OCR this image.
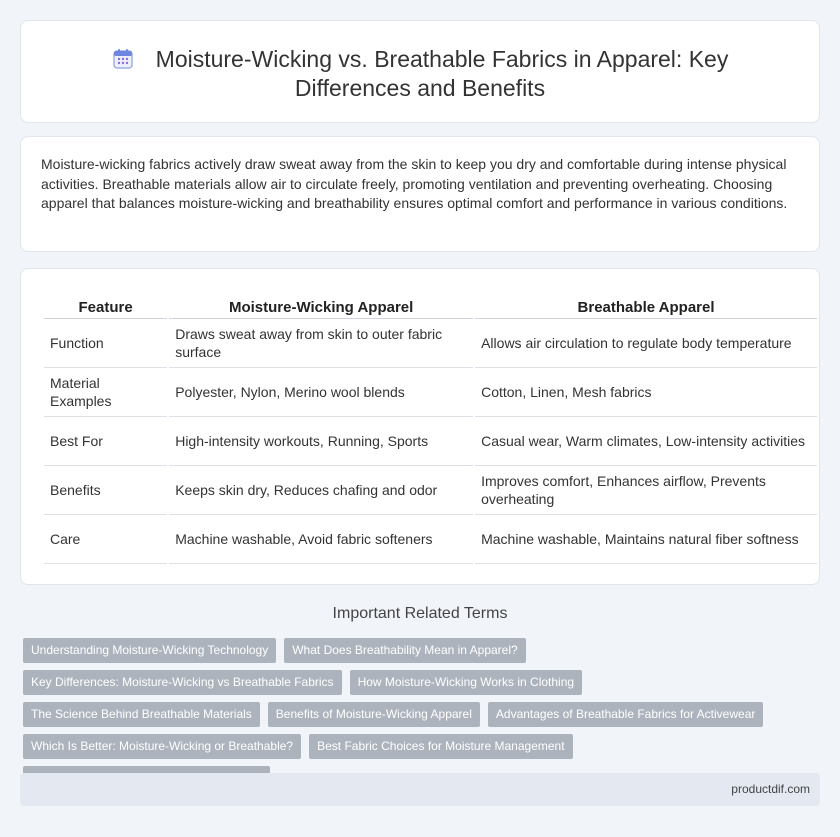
Moisture-Wicking vs. Breathable Fabrics in Apparel: Key
Differences and Benefits

Moisture-wicking fabrics actively draw sweat away from the skin to keep you dry and comfortable during intense physical activities. Breathable materials allow air to circulate freely, promoting ventilation and preventing overheating. Choosing apparel that balances moisture-wicking and breathability ensures optimal comfort and performance in various conditions.

Feature	Moisture-Wicking Apparel	Breathable Apparel
Function	Draws sweat away from skin to outer fabric surface	Allows air circulation to regulate body temperature
Material Examples	Polyester, Nylon, Merino wool blends	Cotton, Linen, Mesh fabrics
Best For	High-intensity workouts, Running, Sports	Casual wear, Warm climates, Low-intensity activities
Benefits	Keeps skin dry, Reduces chafing and odor	Improves comfort, Enhances airflow, Prevents overheating
Care	Machine washable, Avoid fabric softeners	Machine washable, Maintains natural fiber softness
Important Related Terms
Understanding Moisture-Wicking Technology	What Does Breathability Mean in Apparel?
Key Differences: Moisture-Wicking vs Breathable Fabrics	How Moisture-Wicking Works in Clothing
The Science Behind Breathable Materials	Benefits of Moisture-Wicking Apparel	Advantages of Breathable Fabrics for Activewear
Which Is Better: Moisture-Wicking or Breathable?	Best Fabric Choices for Moisture Management
productdif.com
